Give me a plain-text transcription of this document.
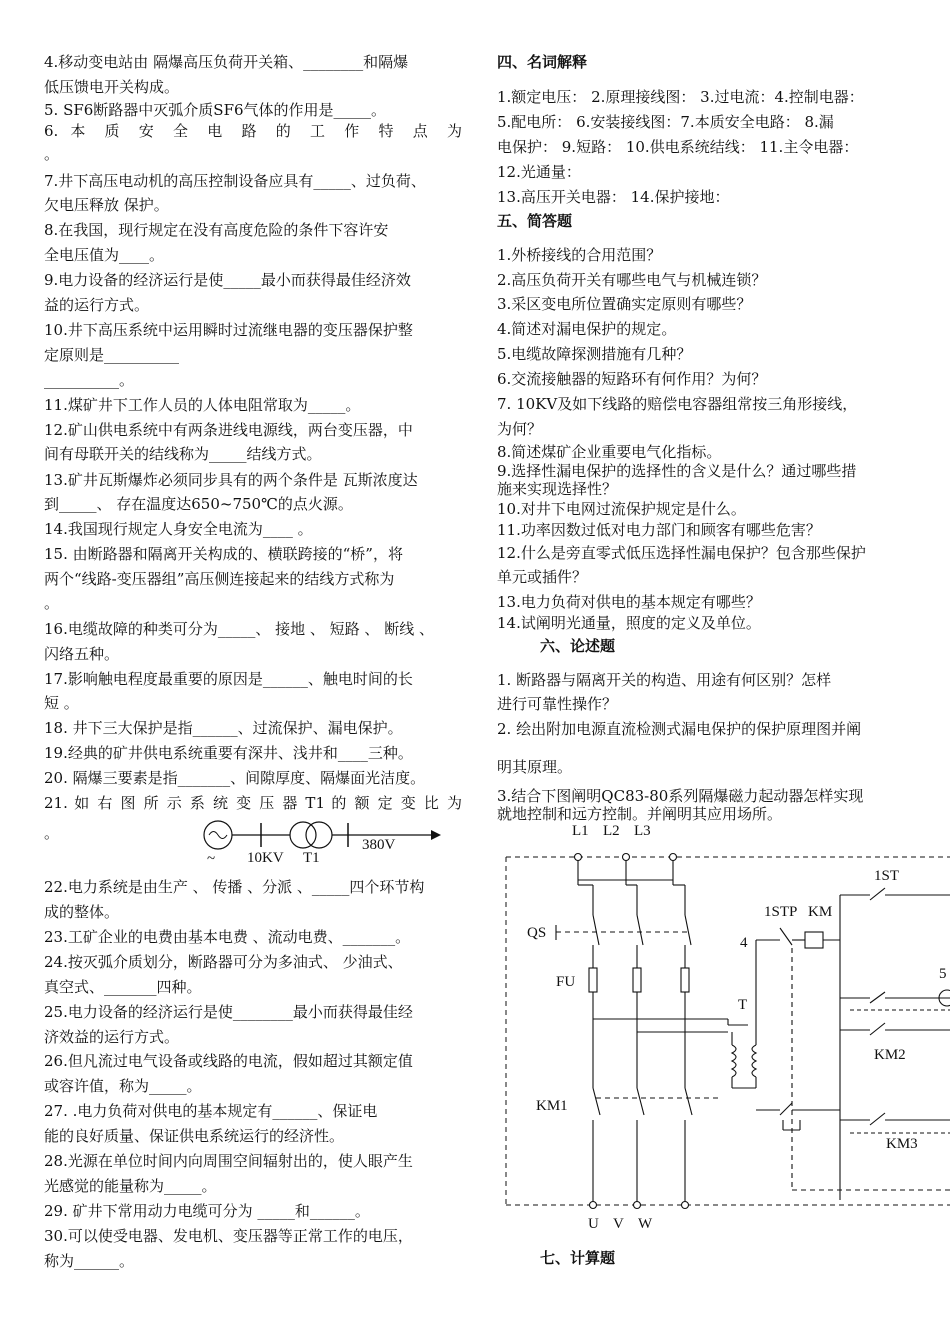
4.移动变电站由 隔爆高压负荷开关箱、________和隔爆
低压馈电开关构成。
5. SF6断路器中灭弧介质SF6气体的作用是_____。
6. 本 质 安 全 电 路 的 工 作 特 点 为
。
7.井下高压电动机的高压控制设备应具有_____、过负荷、
欠电压释放 保护。
8.在我国，现行规定在没有高度危险的条件下容许安
全电压值为____。
9.电力设备的经济运行是使_____最小而获得最佳经济效
益的运行方式。
10.井下高压系统中运用瞬时过流继电器的变压器保护整
定原则是__________
__________。
11.煤矿井下工作人员的人体电阻常取为_____。
12.矿山供电系统中有两条进线电源线，两台变压器，中
间有母联开关的结线称为_____结线方式。
13.矿井瓦斯爆炸必须同步具有的两个条件是 瓦斯浓度达
到_____、 存在温度达650~750℃的点火源。
14.我国现行规定人身安全电流为____ 。
15. 由断路器和隔离开关构成的、横联跨接的“桥”，将
两个“线路-变压器组”高压侧连接起来的结线方式称为
。
16.电缆故障的种类可分为_____、 接地 、 短路 、 断线 、
闪络五种。
17.影响触电程度最重要的原因是______、触电时间的长
短 。
18. 井下三大保护是指______、过流保护、漏电保护。
19.经典的矿井供电系统重要有深井、浅井和____三种。
20. 隔爆三要素是指_______、间隙厚度、隔爆面光洁度。
21. 如 右 图 所 示 系 统 变 压 器 T1 的 额 定 变 比 为
。
22.电力系统是由生产 、 传播 、分派 、_____四个环节构
成的整体。
23.工矿企业的电费由基本电费 、流动电费、_______。
24.按灭弧介质划分，断路器可分为多油式、 少油式、
真空式、_______四种。
25.电力设备的经济运行是使________最小而获得最佳经
济效益的运行方式。
26.但凡流过电气设备或线路的电流，假如超过其额定值
或容许值，称为_____。
27. .电力负荷对供电的基本规定有______、保证电
能的良好质量、保证供电系统运行的经济性。
28.光源在单位时间内向周围空间辐射出的，使人眼产生
光感觉的能量称为_____。
29. 矿井下常用动力电缆可分为 _____和______。
30.可以使受电器、发电机、变压器等正常工作的电压，
称为______。
~ 10KV T1
380V
四、名词解释
1.额定电压： 2.原理接线图： 3.过电流：4.控制电器：
5.配电所： 6.安装接线图：7.本质安全电路： 8.漏
电保护： 9.短路： 10.供电系统结线： 11.主令电器：
12.光通量：
13.高压开关电器： 14.保护接地：
五、简答题
1.外桥接线的合用范围？
2.高压负荷开关有哪些电气与机械连锁？
3.采区变电所位置确实定原则有哪些？
4.简述对漏电保护的规定。
5.电缆故障探测措施有几种？
6.交流接触器的短路环有何作用？为何？
7. 10KV及如下线路的赔偿电容器组常按三角形接线，
为何？
8.简述煤矿企业重要电气化指标。
9.选择性漏电保护的选择性的含义是什么？通过哪些措
施来实现选择性？
10.对井下电网过流保护规定是什么。
11.功率因数过低对电力部门和顾客有哪些危害？
12.什么是旁直零式低压选择性漏电保护？包含那些保护
单元或插件？
13.电力负荷对供电的基本规定有哪些？
14.试阐明光通量，照度的定义及单位。
六、论述题
1. 断路器与隔离开关的构造、用途有何区别？怎样
进行可靠性操作？
2. 绘出附加电源直流检测式漏电保护的保护原理图并阐
明其原理。
3.结合下图阐明QC83-80系列隔爆磁力起动器怎样实现
就地控制和远方控制。并阐明其应用场所。
七、计算题
L1 L2 L3
QS
FU
T
KM1
U V W
1ST
1STP KM
4
5
KM2
KM3
